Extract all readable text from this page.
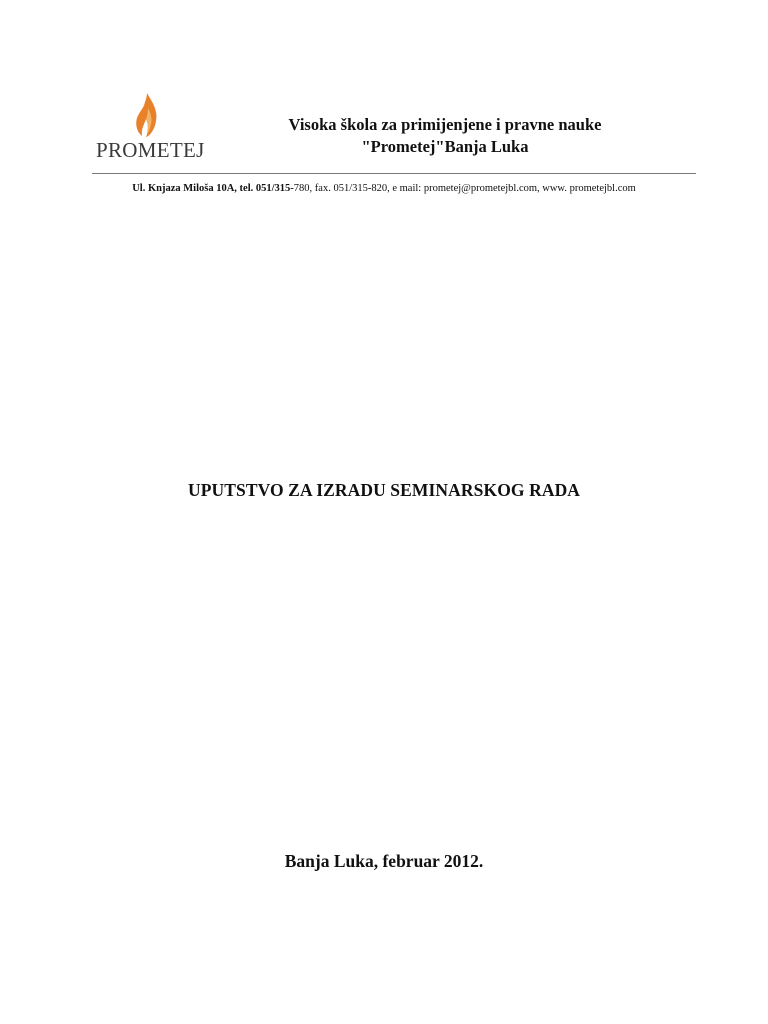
PROMETEJ
Visoka škola za primijenjene i pravne nauke
"Prometej"Banja Luka
Ul. Knjaza Miloša 10A, tel. 051/315-780, fax. 051/315-820, e mail: prometej@prometejbl.com, www. prometejbl.com
UPUTSTVO ZA IZRADU SEMINARSKOG RADA
Banja Luka, februar 2012.
